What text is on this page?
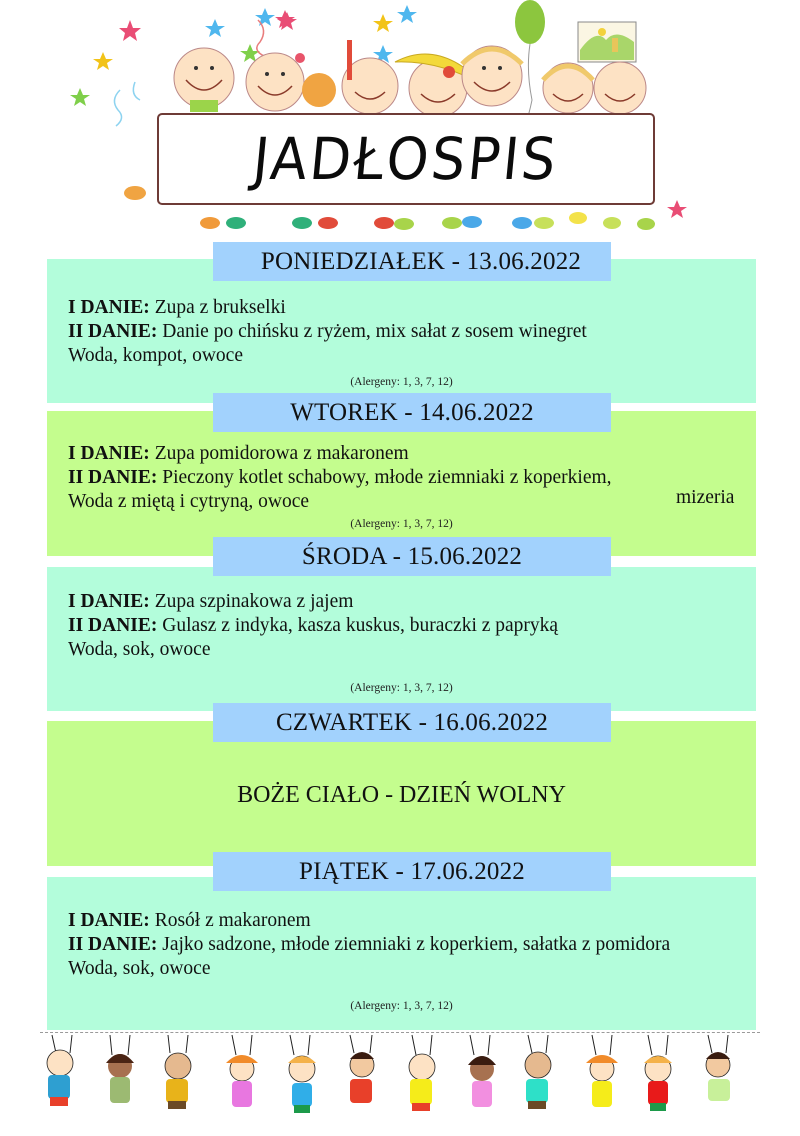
JADŁOSPIS
I DANIE: Zupa z brukselki
II DANIE: Danie po chińsku z ryżem, mix sałat z sosem winegret
Woda, kompot, owoce
(Alergeny: 1, 3, 7, 12)
PONIEDZIAŁEK - 13.06.2022
I DANIE: Zupa pomidorowa z makaronem
II DANIE: Pieczony kotlet schabowy, młode ziemniaki z koperkiem,
mizeria
Woda z miętą i cytryną, owoce
(Alergeny: 1, 3, 7, 12)
WTOREK - 14.06.2022
I DANIE: Zupa szpinakowa z jajem
II DANIE: Gulasz z indyka, kasza kuskus, buraczki z papryką
Woda, sok, owoce
(Alergeny: 1, 3, 7, 12)
ŚRODA - 15.06.2022
BOŻE CIAŁO - DZIEŃ WOLNY
CZWARTEK - 16.06.2022
I DANIE: Rosół z makaronem
II DANIE: Jajko sadzone, młode ziemniaki z koperkiem, sałatka z pomidora
Woda, sok, owoce
(Alergeny: 1, 3, 7, 12)
PIĄTEK - 17.06.2022
